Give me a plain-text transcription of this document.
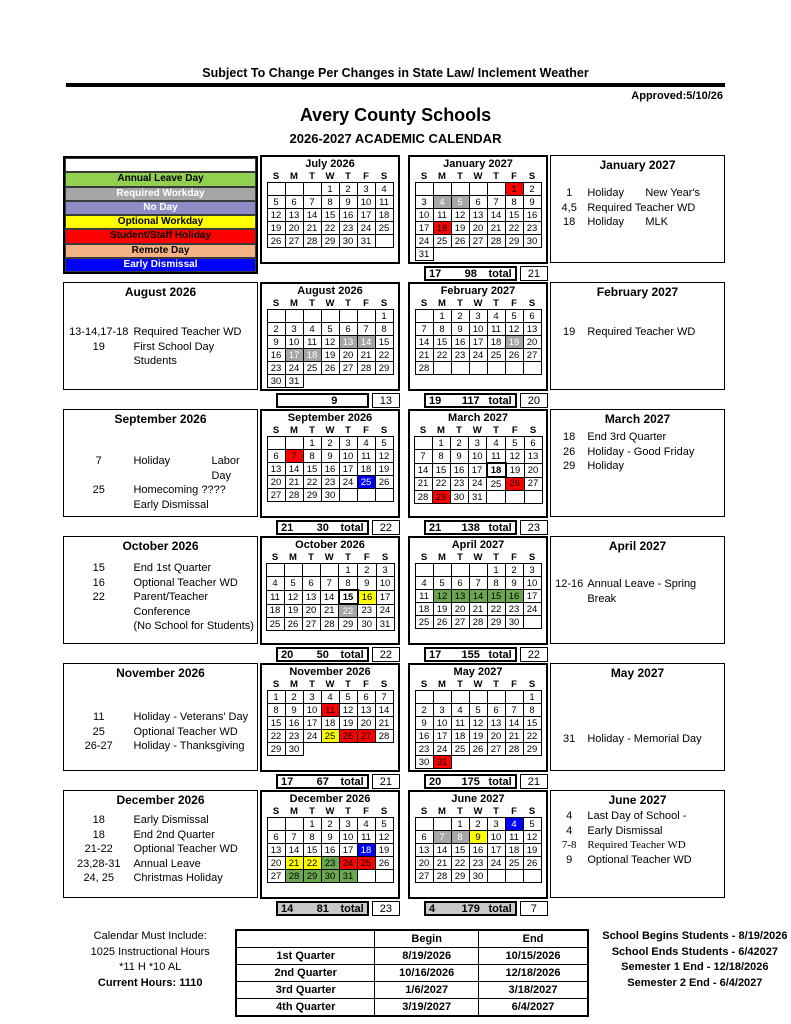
Subject To Change Per Changes in State Law/ Inclement Weather
Approved:5/10/26
Avery County Schools
2026-2027 ACADEMIC CALENDAR
Annual Leave Day
Required Workday
No Day
Optional Workday
Student/Staff Holiday
Remote Day
Early Dismissal
July 2026
S	M	T	W	T	F	S
			1	2	3	4
5	6	7	8	9	10	11
12	13	14	15	16	17	18
19	20	21	22	23	24	25
26	27	28	29	30	31	
January 2027
S	M	T	W	T	F	S
					1	2
3	4	5	6	7	8	9
10	11	12	13	14	15	16
17	18	19	20	21	22	23
24	25	26	27	28	29	30
31						
17	98	total	21
January 2027
1	Holiday	New Year's
4,5 Required Teacher WD
18	Holiday	MLK
August 2026
13-14,17-18 Required Teacher WD
19	First School Day Students
August 2026
S	M	T	W	T	F	S
						1
2	3	4	5	6	7	8
9	10	11	12	13	14	15
16	17	18	19	20	21	22
23	24	25	26	27	28	29
30	31					
9	13
February 2027
S	M	T	W	T	F	S
	1	2	3	4	5	6
7	8	9	10	11	12	13
14	15	16	17	18	19	20
21	22	23	24	25	26	27
28						
19	117 total	20
February 2027
19	Required Teacher WD
September 2026
7	Holiday	Labor Day
25	Homecoming ????
Early Dismissal
September 2026
S	M	T	W	T	F	S
		1	2	3	4	5
6	7	8	9	10	11	12
13	14	15	16	17	18	19
20	21	22	23	24	25	26
27	28	29	30			
21	30	total	22
March 2027
S	M	T	W	T	F	S
	1	2	3	4	5	6
7	8	9	10	11	12	13
14	15	16	17	18	19	20
21	22	23	24	25	26	27
28	29	30	31			
21	138 total	23
March 2027
18	End 3rd Quarter
26	Holiday - Good Friday
29	Holiday
October 2026
15	End 1st Quarter
16	Optional Teacher WD
22	Parent/Teacher Conference
(No School for Students)
October 2026
S	M	T	W	T	F	S
				1	2	3
4	5	6	7	8	9	10
11	12	13	14	15	16	17
18	19	20	21	22	23	24
25	26	27	28	29	30	31
20	50	total	22
April 2027
S	M	T	W	T	F	S
				1	2	3
4	5	6	7	8	9	10
11	12	13	14	15	16	17
18	19	20	21	22	23	24
25	26	27	28	29	30	
17	155 total	22
April 2027
12-16 Annual Leave - Spring Break
November 2026
11	Holiday - Veterans' Day
25	Optional Teacher WD
26-27	Holiday - Thanksgiving
November 2026
S	M	T	W	T	F	S
1	2	3	4	5	6	7
8	9	10	11	12	13	14
15	16	17	18	19	20	21
22	23	24	25	26	27	28
29	30					
17	67	total	21
May 2027
S	M	T	W	T	F	S
						1
2	3	4	5	6	7	8
9	10	11	12	13	14	15
16	17	18	19	20	21	22
23	24	25	26	27	28	29
30	31					
20	175 total	21
May 2027
31	Holiday - Memorial Day
December 2026
18	Early Dismissal
18	End 2nd Quarter
21-22	Optional Teacher WD
23,28-31	Annual Leave
24, 25	Christmas Holiday
December 2026
S	M	T	W	T	F	S
		1	2	3	4	5
6	7	8	9	10	11	12
13	14	15	16	17	18	19
20	21	22	23	24	25	26
27	28	29	30	31		
14	81	total	23
June 2027
S	M	T	W	T	F	S
		1	2	3	4	5
6	7	8	9	10	11	12
13	14	15	16	17	18	19
20	21	22	23	24	25	26
27	28	29	30			
4	179 total	7
June 2027
4	Last Day of School -
4	Early Dismissal
7-8 Required Teacher WD
9	Optional Teacher WD
Calendar Must Include:
1025 Instructional Hours
*11 H *10 AL
Current Hours: 1110
	Begin	End
1st Quarter	8/19/2026	10/15/2026
2nd Quarter	10/16/2026	12/18/2026
3rd Quarter	1/6/2027	3/18/2027
4th Quarter	3/19/2027	6/4/2027
School Begins Students - 8/19/2026
School Ends Students - 6/42027
Semester 1 End - 12/18/2026
Semester 2 End - 6/4/2027
